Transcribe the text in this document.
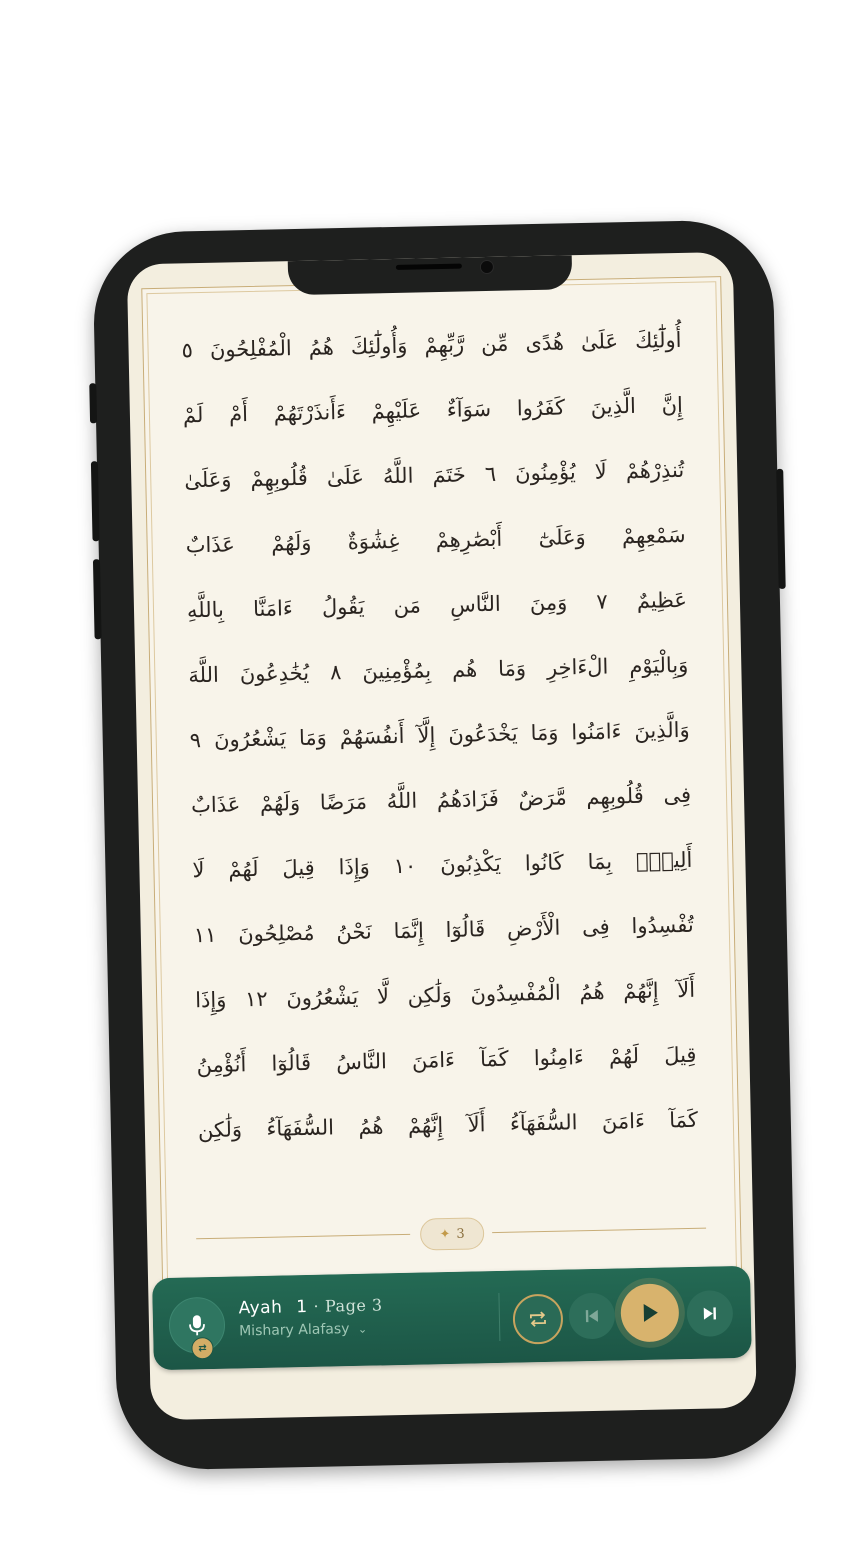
أُولَٰٓئِكَ عَلَىٰ هُدًى مِّن رَّبِّهِمْ وَأُولَٰٓئِكَ هُمُ الْمُفْلِحُونَ ٥
إِنَّ الَّذِينَ كَفَرُوا سَوَآءٌ عَلَيْهِمْ ءَأَنذَرْتَهُمْ أَمْ لَمْ
تُنذِرْهُمْ لَا يُؤْمِنُونَ ٦ خَتَمَ اللَّهُ عَلَىٰ قُلُوبِهِمْ وَعَلَىٰ
سَمْعِهِمْ وَعَلَىٰٓ أَبْصَٰرِهِمْ غِشَٰوَةٌ وَلَهُمْ عَذَابٌ
عَظِيمٌ ٧ وَمِنَ النَّاسِ مَن يَقُولُ ءَامَنَّا بِاللَّهِ
وَبِالْيَوْمِ الْءَاخِرِ وَمَا هُم بِمُؤْمِنِينَ ٨ يُخَٰدِعُونَ اللَّهَ
وَالَّذِينَ ءَامَنُوا وَمَا يَخْدَعُونَ إِلَّآ أَنفُسَهُمْ وَمَا يَشْعُرُونَ ٩
فِى قُلُوبِهِم مَّرَضٌ فَزَادَهُمُ اللَّهُ مَرَضًا وَلَهُمْ عَذَابٌ
أَلِيمٌۢ بِمَا كَانُوا يَكْذِبُونَ ١٠ وَإِذَا قِيلَ لَهُمْ لَا
تُفْسِدُوا فِى الْأَرْضِ قَالُوٓا إِنَّمَا نَحْنُ مُصْلِحُونَ ١١
أَلَآ إِنَّهُمْ هُمُ الْمُفْسِدُونَ وَلَٰكِن لَّا يَشْعُرُونَ ١٢ وَإِذَا
قِيلَ لَهُمْ ءَامِنُوا كَمَآ ءَامَنَ النَّاسُ قَالُوٓا أَنُؤْمِنُ
كَمَآ ءَامَنَ السُّفَهَآءُ أَلَآ إِنَّهُمْ هُمُ السُّفَهَآءُ وَلَٰكِن
✦ 3
⇄
Ayah 1 · Page 3
Mishary Alafasy ⌄
